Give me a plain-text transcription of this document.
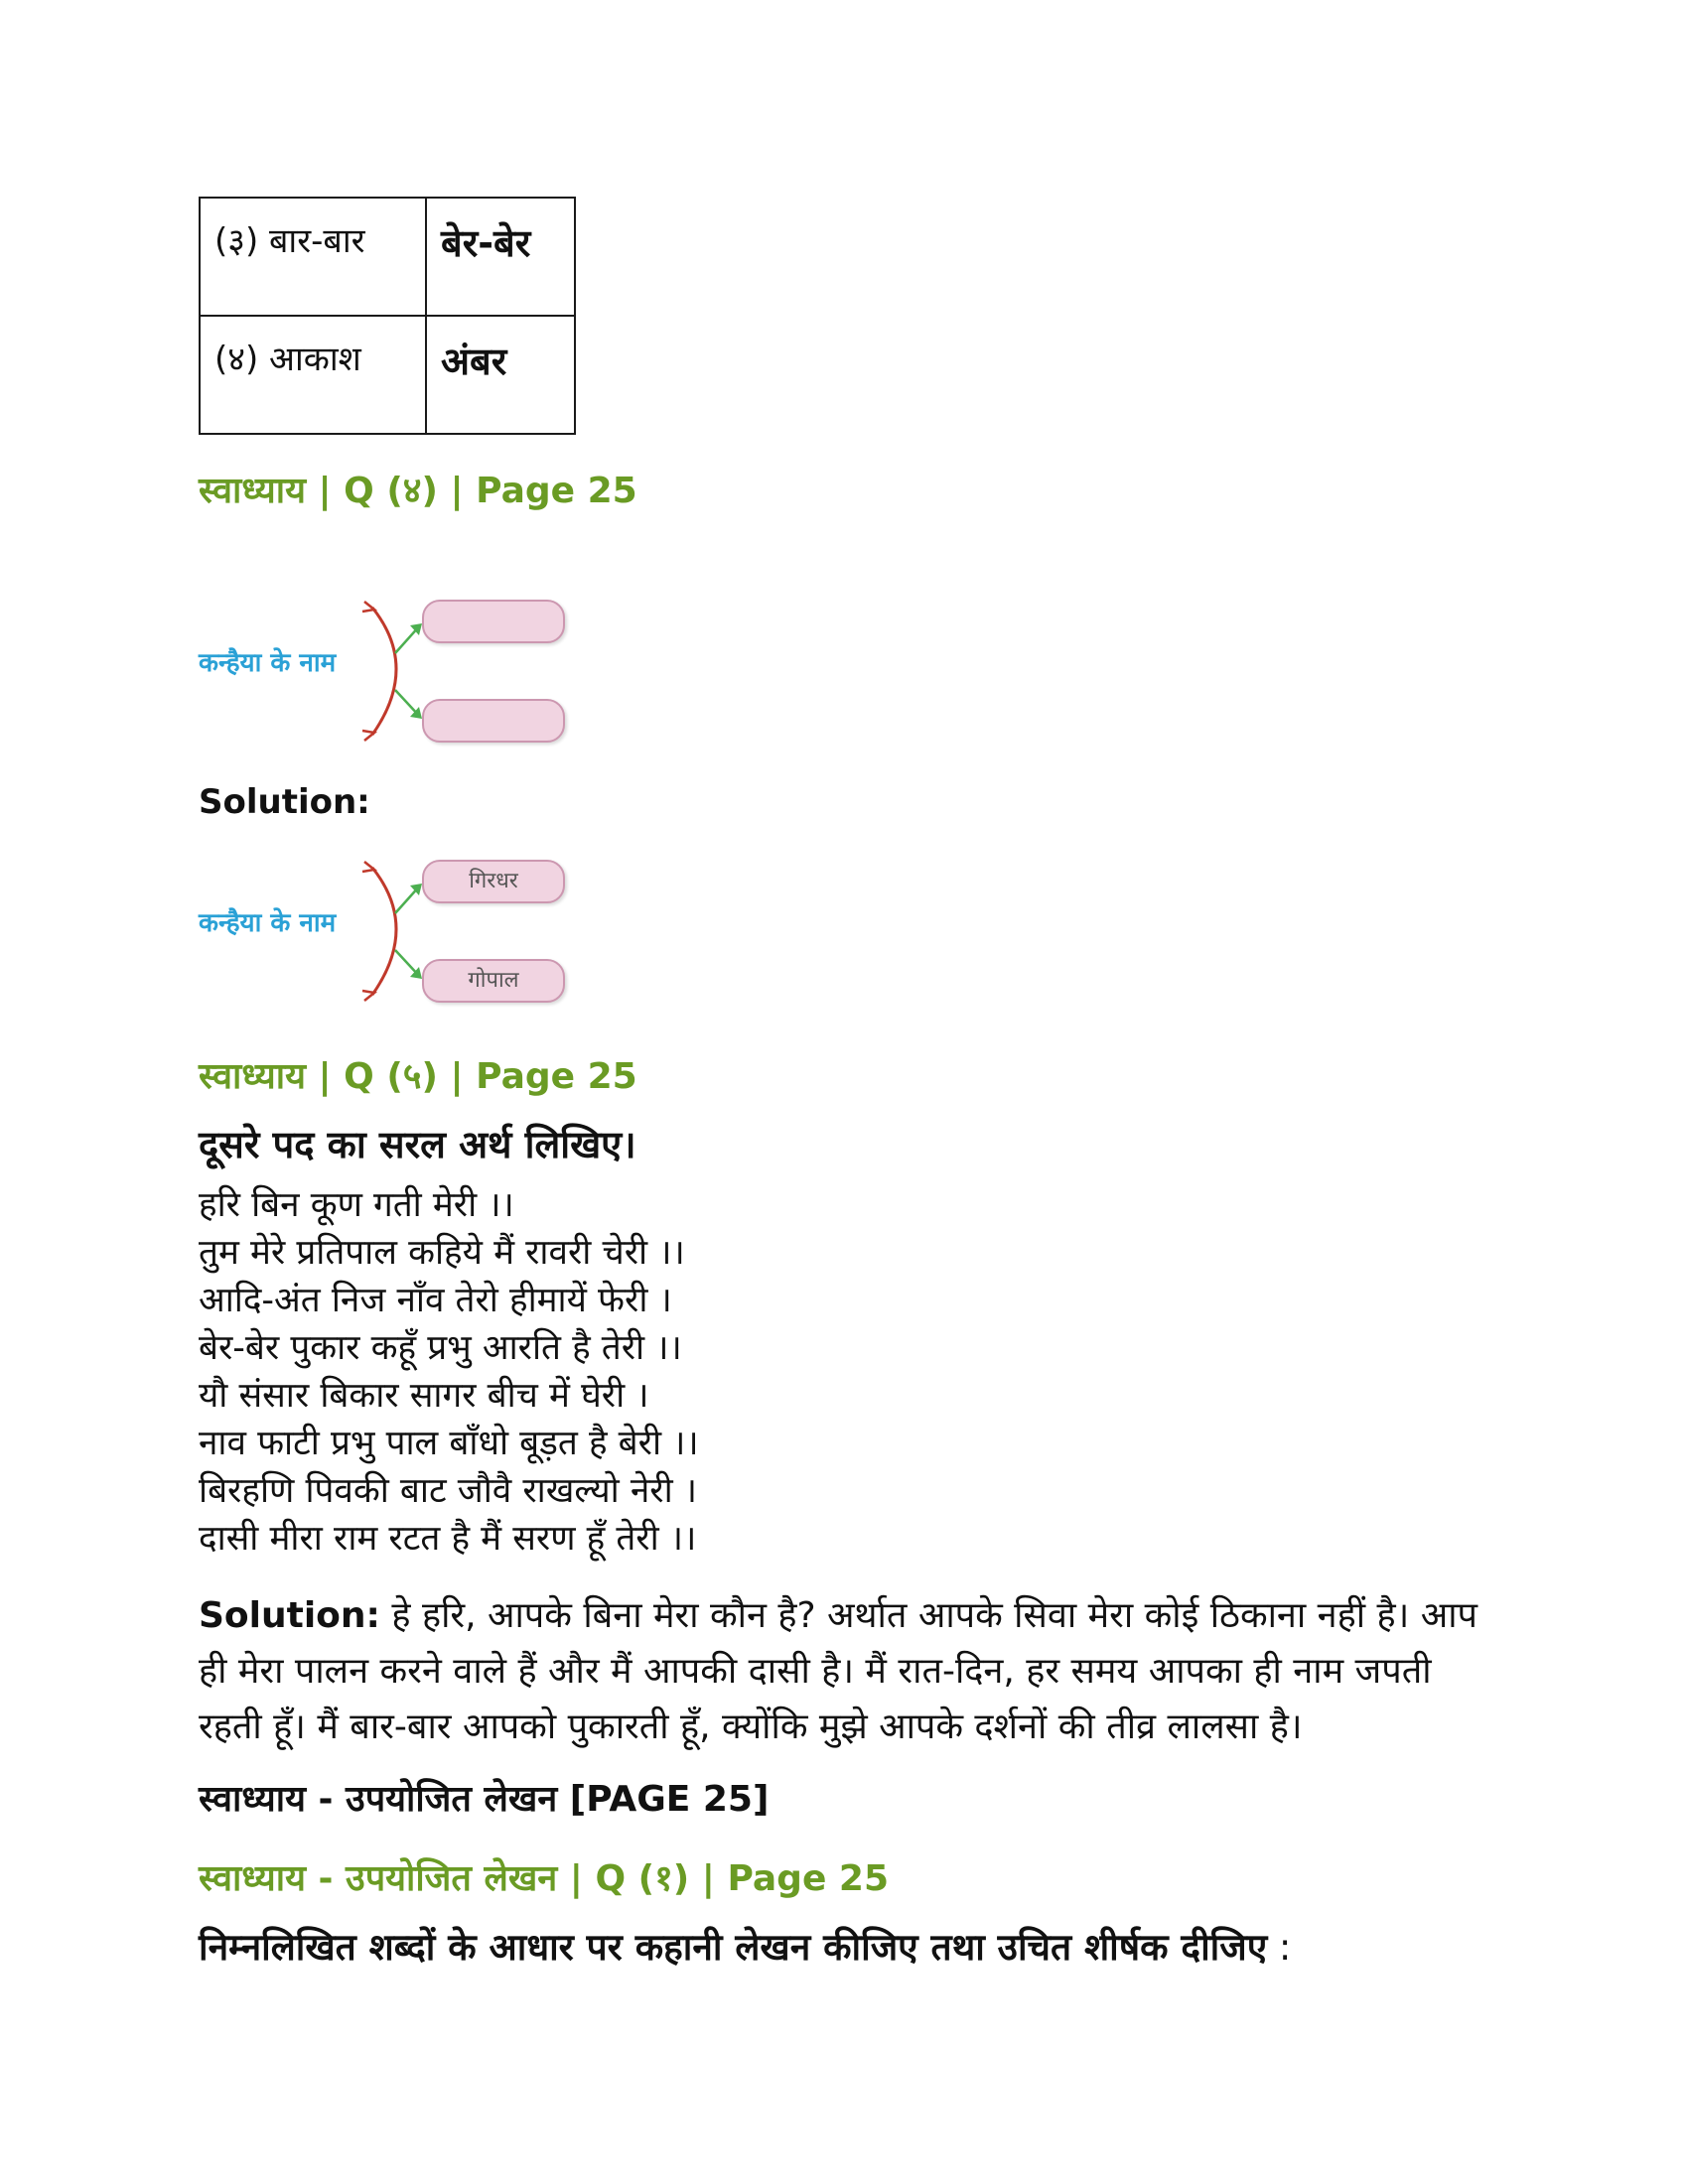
(३) बार-बार	बेर-बेर
(४) आकाश	अंबर
स्वाध्याय | Q (४) | Page 25
कन्हैया के नाम
Solution:
कन्हैया के नाम
गिरधर
गोपाल
स्वाध्याय | Q (५) | Page 25
दूसरे पद का सरल अर्थ लिखिए।
हरि बिन कूण गती मेरी ।।
तुम मेरे प्रतिपाल कहिये मैं रावरी चेरी ।।
आदि-अंत निज नाँव तेरो हीमायें फेरी ।
बेर-बेर पुकार कहूँ प्रभु आरति है तेरी ।।
यौ संसार बिकार सागर बीच में घेरी ।
नाव फाटी प्रभु पाल बाँधो बूड़त है बेरी ।।
बिरहणि पिवकी बाट जौवै राखल्यो नेरी ।
दासी मीरा राम रटत है मैं सरण हूँ तेरी ।।
Solution: हे हरि, आपके बिना मेरा कौन है? अर्थात आपके सिवा मेरा कोई ठिकाना नहीं है। आप ही मेरा पालन करने वाले हैं और मैं आपकी दासी है। मैं रात-दिन, हर समय आपका ही नाम जपती रहती हूँ। मैं बार-बार आपको पुकारती हूँ, क्योंकि मुझे आपके दर्शनों की तीव्र लालसा है।
स्वाध्याय - उपयोजित लेखन [PAGE 25]
स्वाध्याय - उपयोजित लेखन | Q (१) | Page 25
निम्नलिखित शब्दों के आधार पर कहानी लेखन कीजिए तथा उचित शीर्षक दीजिए :
